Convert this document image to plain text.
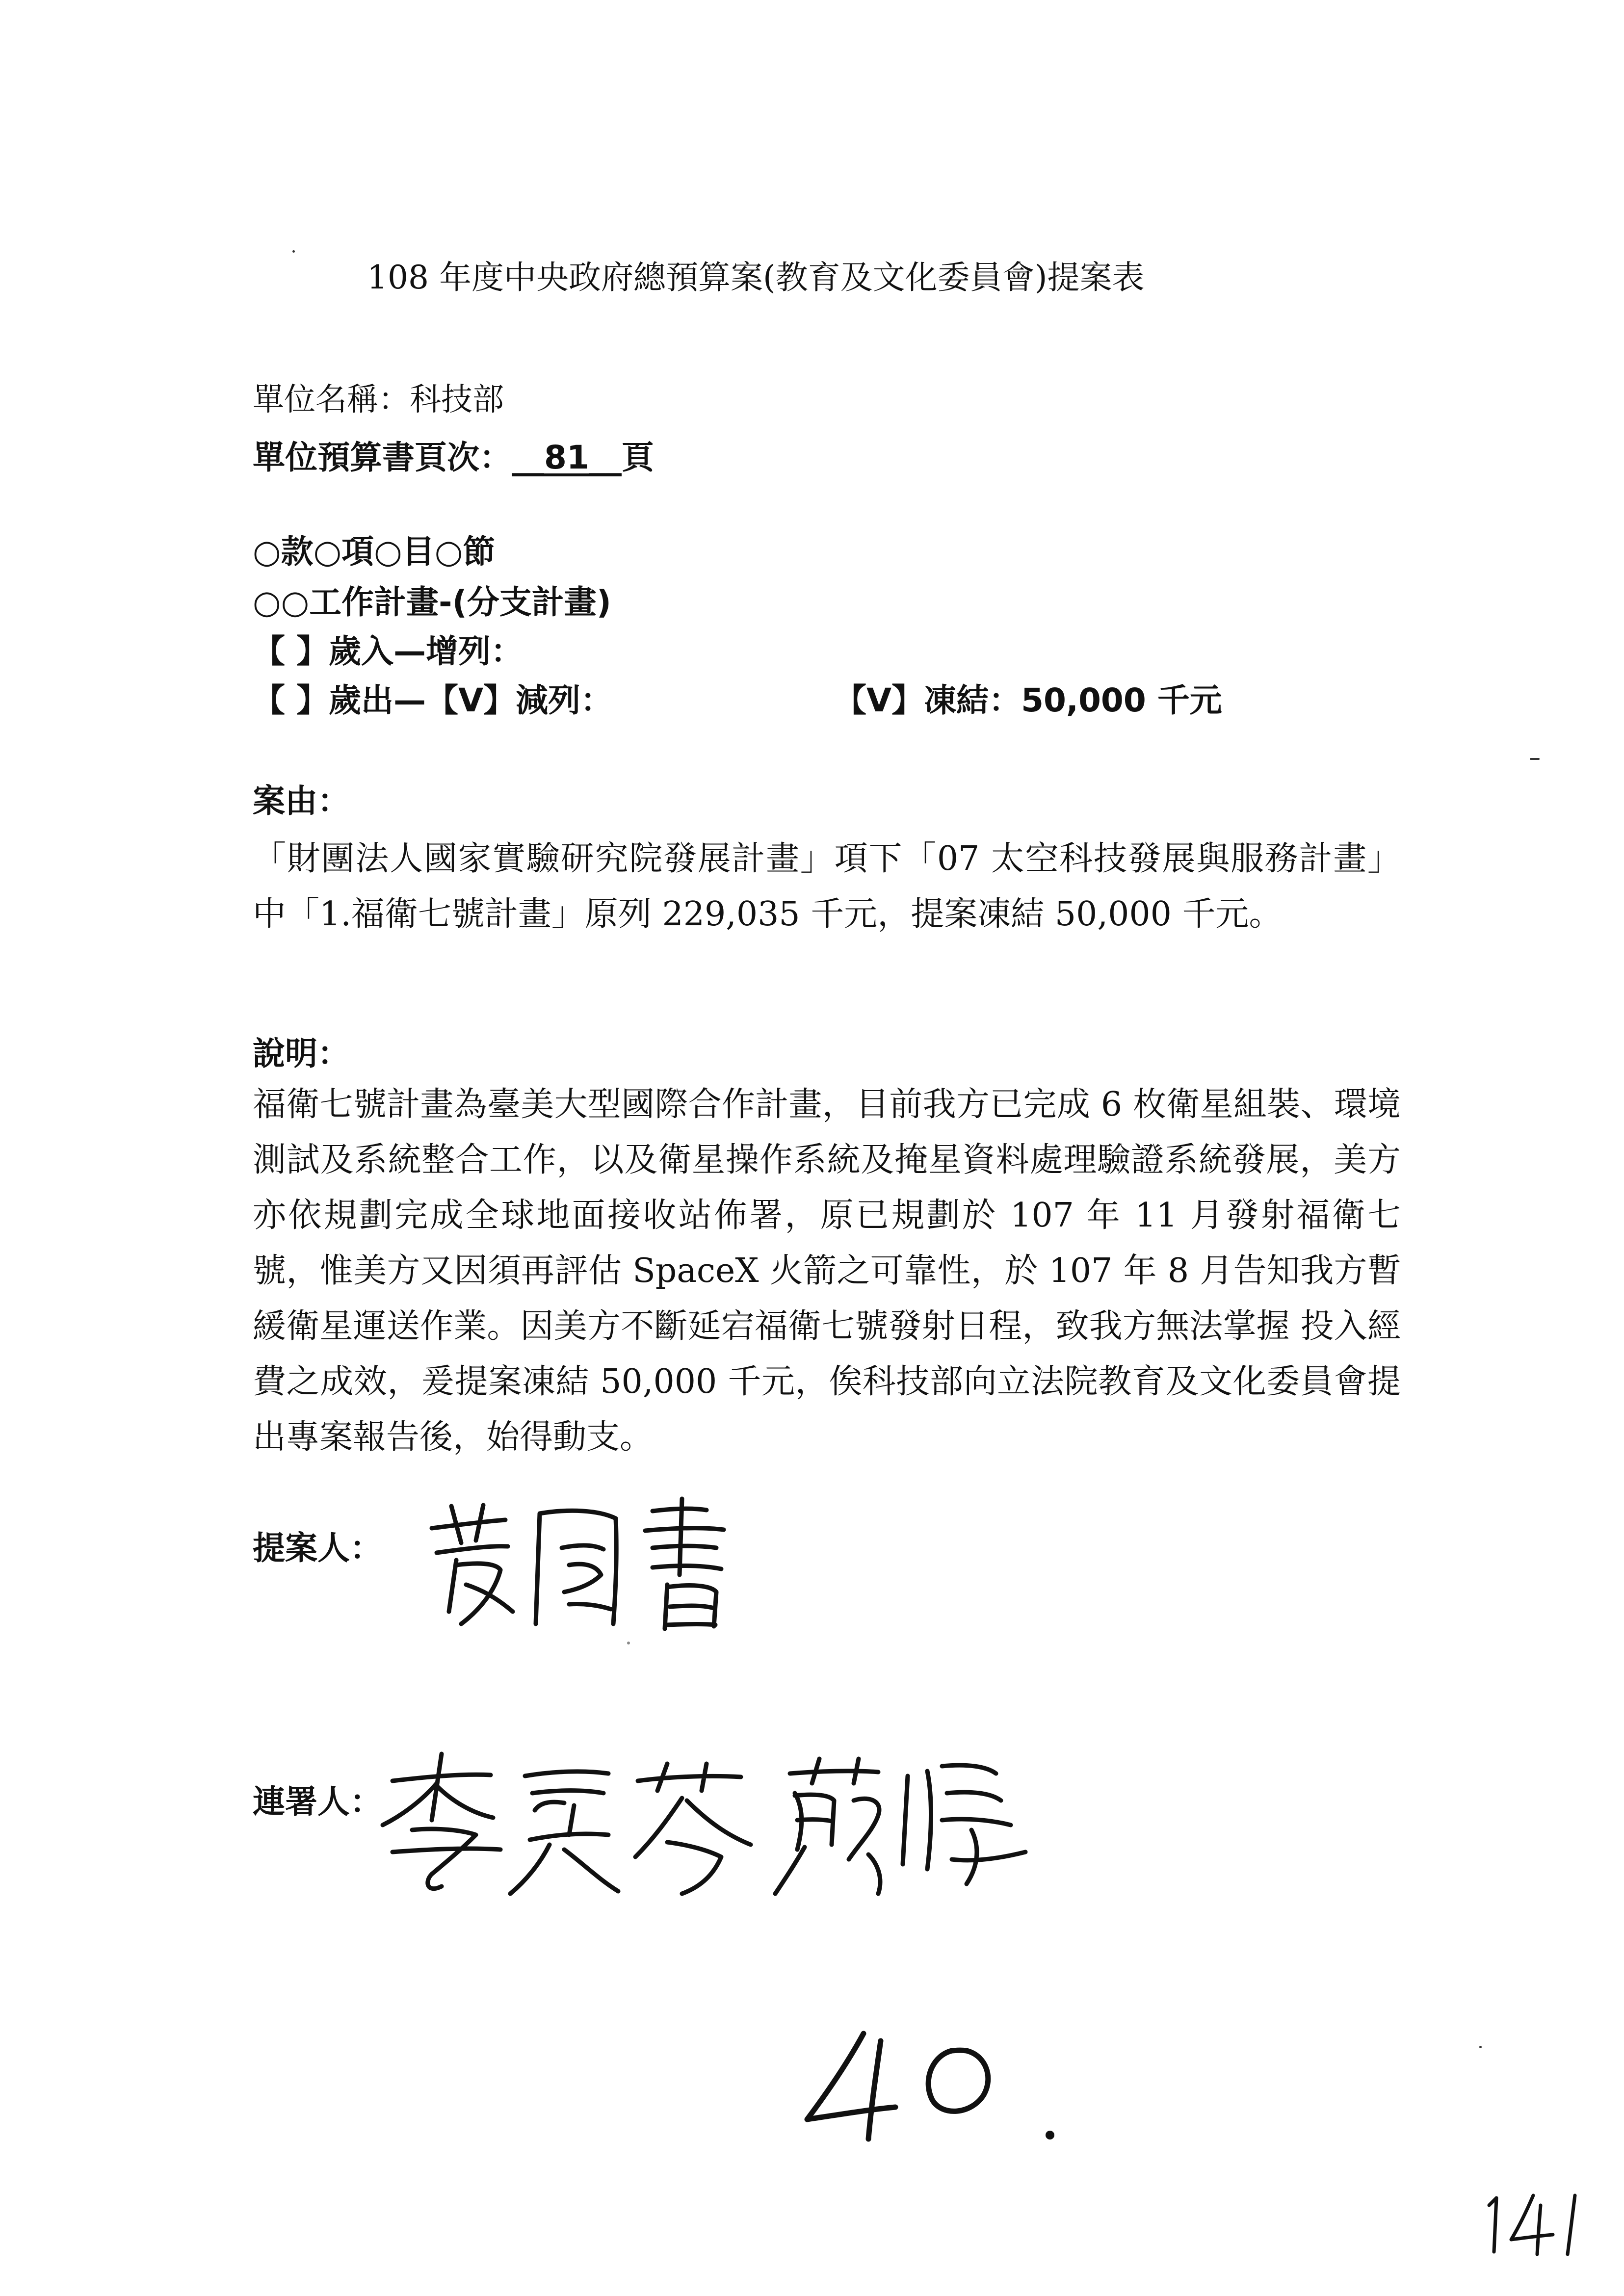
108 年度中央政府總預算案(教育及文化委員會)提案表

單位名稱：科技部

單位預算書頁次：__81__頁

○款○項○目○節

○○工作計畫-(分支計畫)

【 】歲入—增列：

【 】歲出—【V】減列：	【V】凍結：50,000 千元

案由：

「財團法人國家實驗研究院發展計畫」項下「07 太空科技發展與服務計畫」中「1.福衛七號計畫」原列 229,035 千元，提案凍結 50,000 千元。

說明：

福衛七號計畫為臺美大型國際合作計畫，目前我方已完成 6 枚衛星組裝、環境測試及系統整合工作，以及衛星操作系統及掩星資料處理驗證系統發展，美方亦依規劃完成全球地面接收站佈署，原已規劃於 107 年 11 月發射福衛七號，惟美方又因須再評估 SpaceX 火箭之可靠性，於 107 年 8 月告知我方暫緩衛星運送作業。因美方不斷延宕福衛七號發射日程，致我方無法掌握 投入經費之成效，爰提案凍結 50,000 千元，俟科技部向立法院教育及文化委員會提出專案報告後，始得動支。

提案人：

連署人：
